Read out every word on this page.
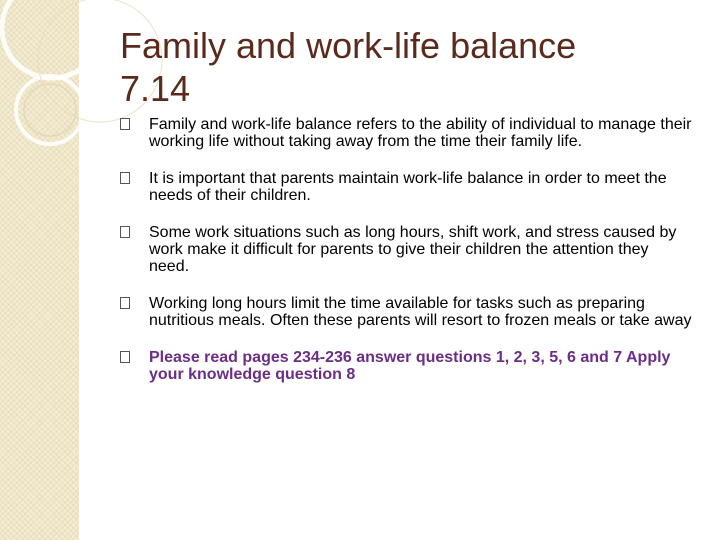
Family and work-life balance
7.14
Family and work-life balance refers to the ability of individual to manage their working life without taking away from the time their family life.
It is important that parents maintain work-life balance in order to meet the needs of their children.
Some work situations such as long hours, shift work, and stress caused by work make it difficult for parents to give their children the attention they need.
Working long hours limit the time available for tasks such as preparing nutritious meals. Often these parents will resort to frozen meals or take away
Please read pages 234-236 answer questions 1, 2, 3, 5, 6 and 7 Apply your knowledge question 8
